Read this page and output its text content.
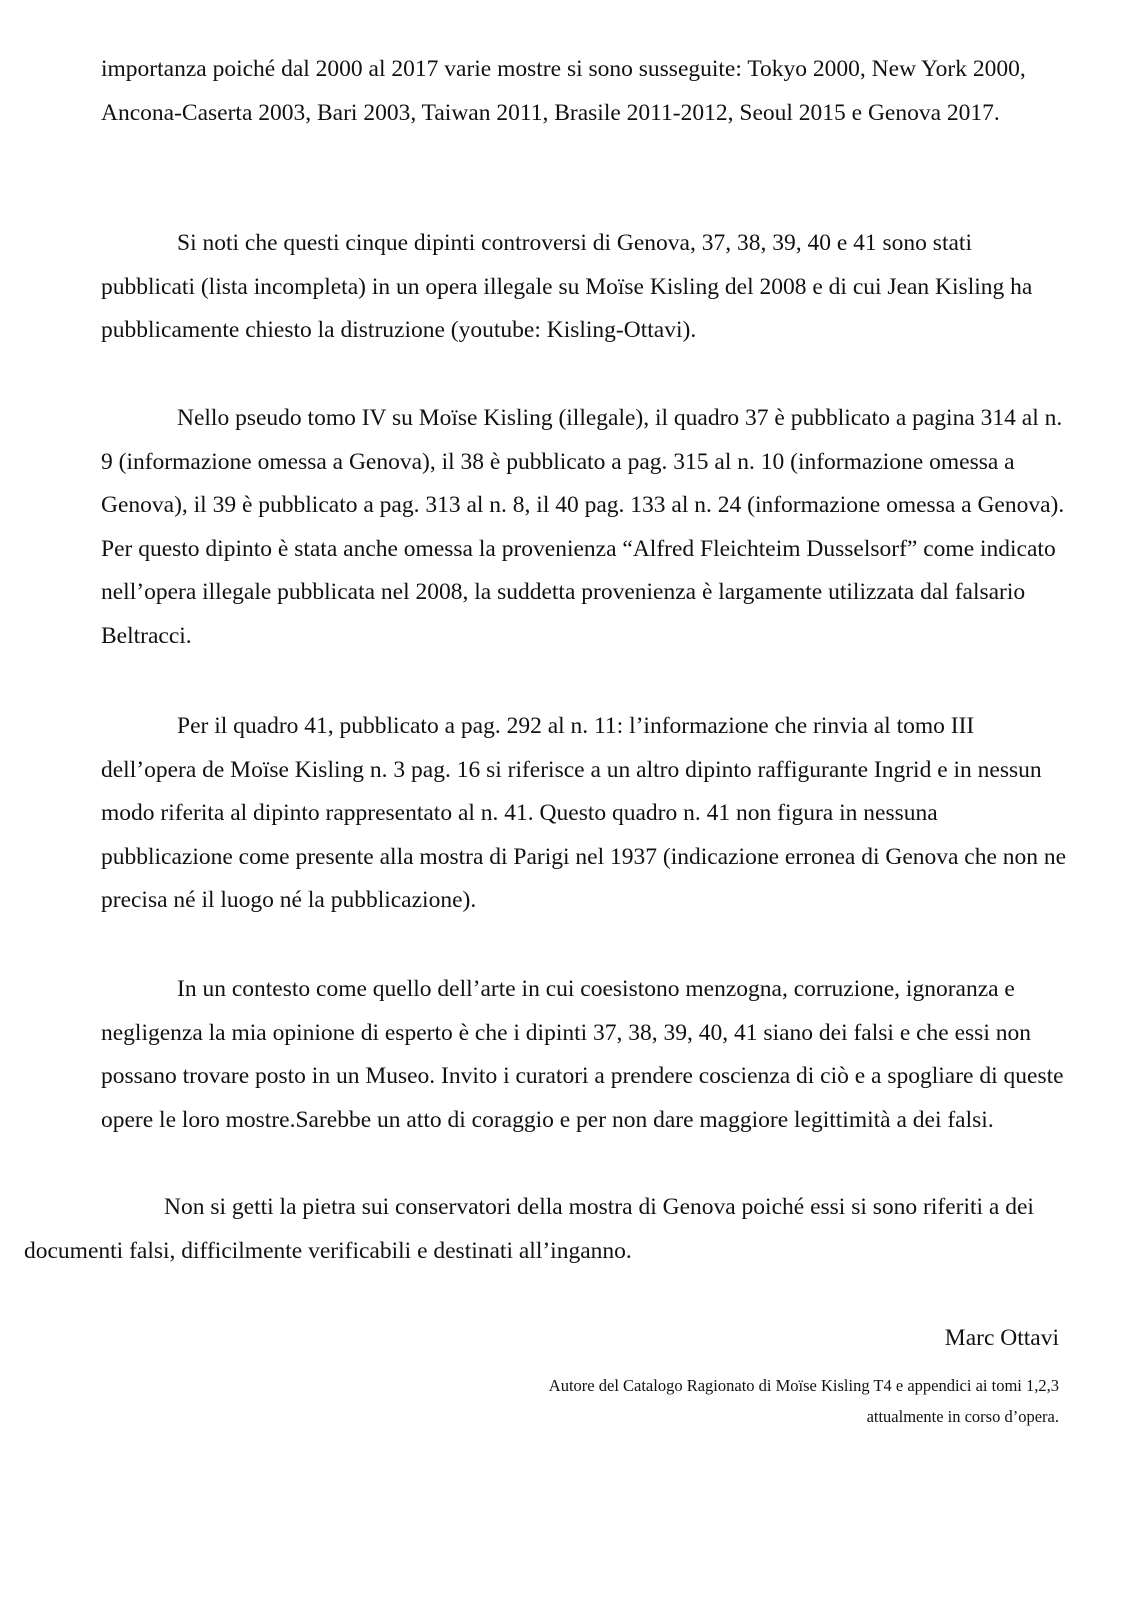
importanza poiché dal 2000 al 2017 varie mostre si sono susseguite: Tokyo 2000, New York 2000, Ancona-Caserta 2003, Bari 2003, Taiwan 2011, Brasile 2011-2012, Seoul 2015 e Genova 2017.

Si noti che questi cinque dipinti controversi di Genova, 37, 38, 39, 40 e 41 sono stati pubblicati (lista incompleta) in un opera illegale su Moïse Kisling del 2008 e di cui Jean Kisling ha pubblicamente chiesto la distruzione (youtube: Kisling-Ottavi).

Nello pseudo tomo IV su Moïse Kisling (illegale), il quadro 37 è pubblicato a pagina 314 al n. 9 (informazione omessa a Genova), il 38 è pubblicato a pag. 315 al n. 10 (informazione omessa a Genova), il 39 è pubblicato a pag. 313 al n. 8, il 40 pag. 133 al n. 24 (informazione omessa a Genova). Per questo dipinto è stata anche omessa la provenienza “Alfred Fleichteim Dusselsorf” come indicato nell’opera illegale pubblicata nel 2008, la suddetta provenienza è largamente utilizzata dal falsario Beltracci.

Per il quadro 41, pubblicato a pag. 292 al n. 11: l’informazione che rinvia al tomo III dell’opera de Moïse Kisling n. 3 pag. 16 si riferisce a un altro dipinto raffigurante Ingrid e in nessun modo riferita al dipinto rappresentato al n. 41. Questo quadro n. 41 non figura in nessuna pubblicazione come presente alla mostra di Parigi nel 1937 (indicazione erronea di Genova che non ne precisa né il luogo né la pubblicazione).

In un contesto come quello dell’arte in cui coesistono menzogna, corruzione, ignoranza e negligenza la mia opinione di esperto è che i dipinti 37, 38, 39, 40, 41 siano dei falsi e che essi non possano trovare posto in un Museo. Invito i curatori a prendere coscienza di ciò e a spogliare di queste opere le loro mostre.Sarebbe un atto di coraggio e per non dare maggiore legittimità a dei falsi.

Non si getti la pietra sui conservatori della mostra di Genova poiché essi si sono riferiti a dei documenti falsi, difficilmente verificabili e destinati all’inganno.

Marc Ottavi

Autore del Catalogo Ragionato di Moïse Kisling T4 e appendici ai tomi 1,2,3
attualmente in corso d’opera.
